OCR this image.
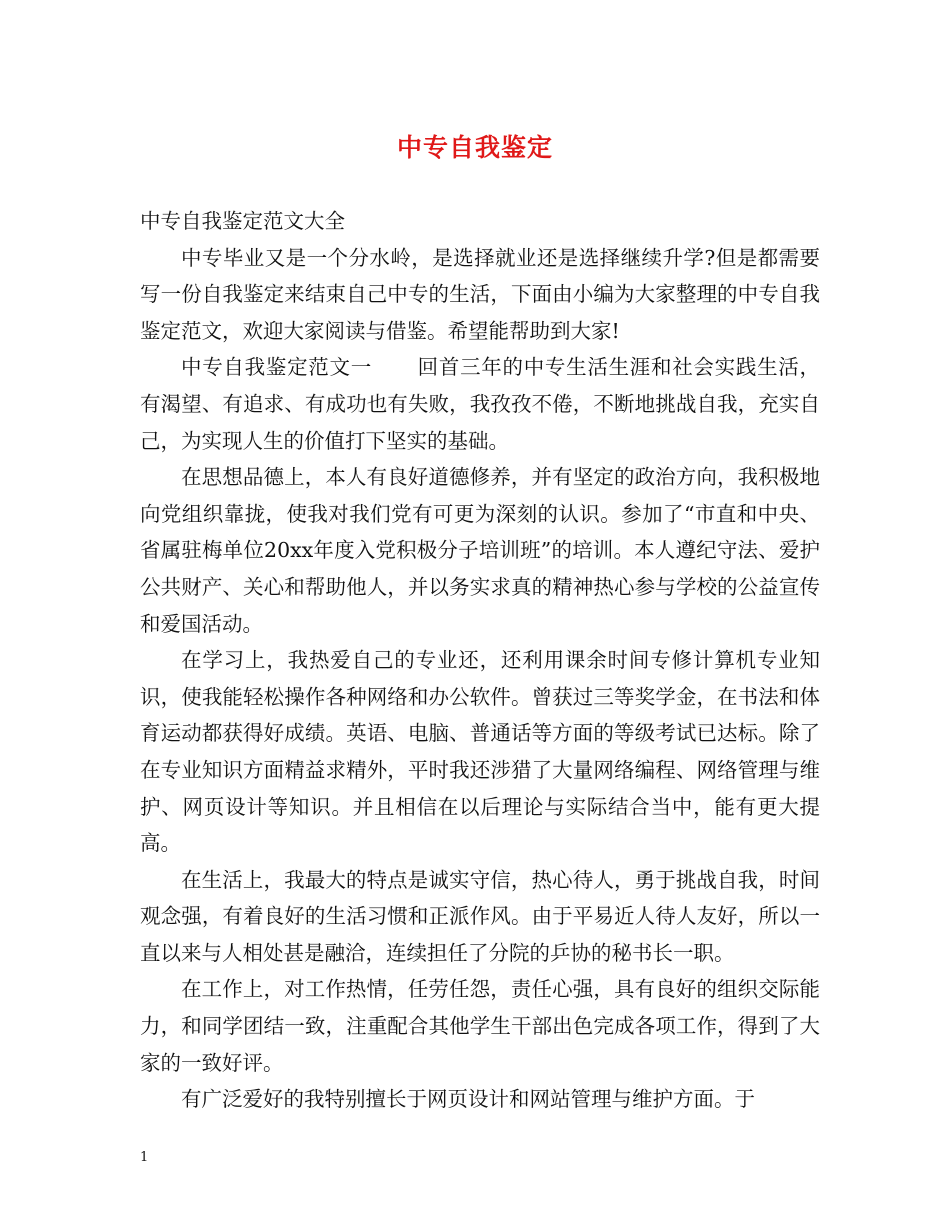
中专自我鉴定

中专自我鉴定范文大全

中专毕业又是一个分水岭，是选择就业还是选择继续升学?但是都需要写一份自我鉴定来结束自己中专的生活，下面由小编为大家整理的中专自我鉴定范文，欢迎大家阅读与借鉴。希望能帮助到大家!

中专自我鉴定范文一 回首三年的中专生活生涯和社会实践生活，有渴望、有追求、有成功也有失败，我孜孜不倦，不断地挑战自我，充实自己，为实现人生的价值打下坚实的基础。

在思想品德上，本人有良好道德修养，并有坚定的政治方向，我积极地向党组织靠拢，使我对我们党有可更为深刻的认识。参加了“市直和中央、省属驻梅单位20xx年度入党积极分子培训班”的培训。本人遵纪守法、爱护公共财产、关心和帮助他人，并以务实求真的精神热心参与学校的公益宣传和爱国活动。

在学习上，我热爱自己的专业还，还利用课余时间专修计算机专业知识，使我能轻松操作各种网络和办公软件。曾获过三等奖学金，在书法和体育运动都获得好成绩。英语、电脑、普通话等方面的等级考试已达标。除了在专业知识方面精益求精外，平时我还涉猎了大量网络编程、网络管理与维护、网页设计等知识。并且相信在以后理论与实际结合当中，能有更大提高。

在生活上，我最大的特点是诚实守信，热心待人，勇于挑战自我，时间观念强，有着良好的生活习惯和正派作风。由于平易近人待人友好，所以一直以来与人相处甚是融洽，连续担任了分院的乒协的秘书长一职。

在工作上，对工作热情，任劳任怨，责任心强，具有良好的组织交际能力，和同学团结一致，注重配合其他学生干部出色完成各项工作，得到了大家的一致好评。

有广泛爱好的我特别擅长于网页设计和网站管理与维护方面。于

1
